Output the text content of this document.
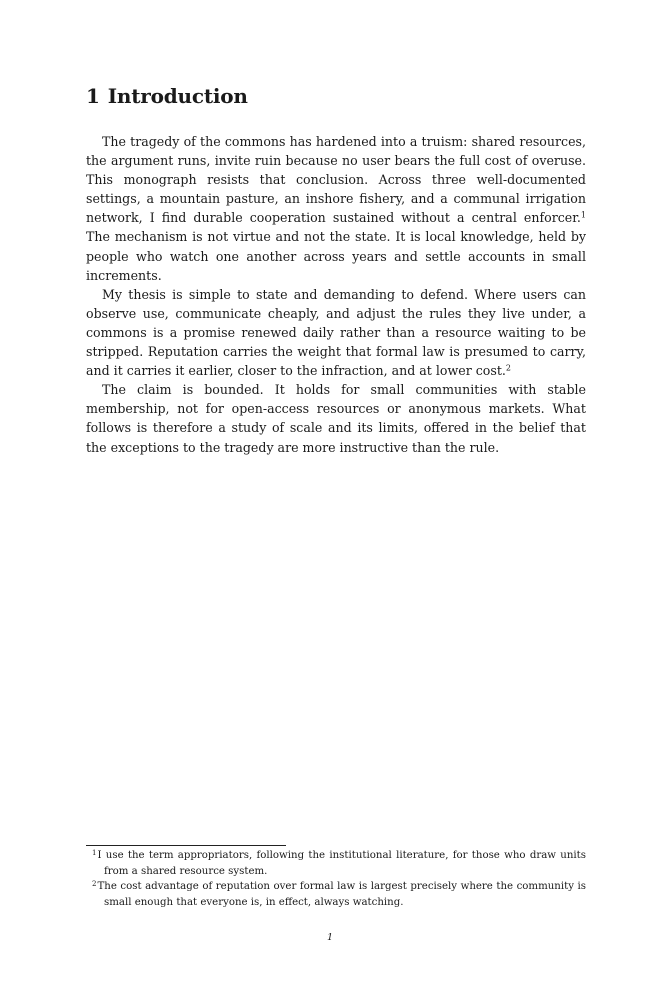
1 Introduction

The tragedy of the commons has hardened into a truism: shared resources, the argument runs, invite ruin because no user bears the full cost of overuse. This monograph resists that conclusion. Across three well-documented settings, a mountain pasture, an inshore fishery, and a communal irrigation network, I find durable cooperation sustained without a central enforcer.$^1$ The mechanism is not virtue and not the state. It is local knowledge, held by people who watch one another across years and settle accounts in small increments.

My thesis is simple to state and demanding to defend. Where users can observe use, communicate cheaply, and adjust the rules they live under, a commons is a promise renewed daily rather than a resource waiting to be stripped. Reputation carries the weight that formal law is presumed to carry, and it carries it earlier, closer to the infraction, and at lower cost.$^2$

The claim is bounded. It holds for small communities with stable membership, not for open-access resources or anonymous markets. What follows is therefore a study of scale and its limits, offered in the belief that the exceptions to the tragedy are more instructive than the rule.

$^1$I use the term appropriators, following the institutional literature, for those who draw units from a shared resource system.
$^2$The cost advantage of reputation over formal law is largest precisely where the community is small enough that everyone is, in effect, always watching.
1
